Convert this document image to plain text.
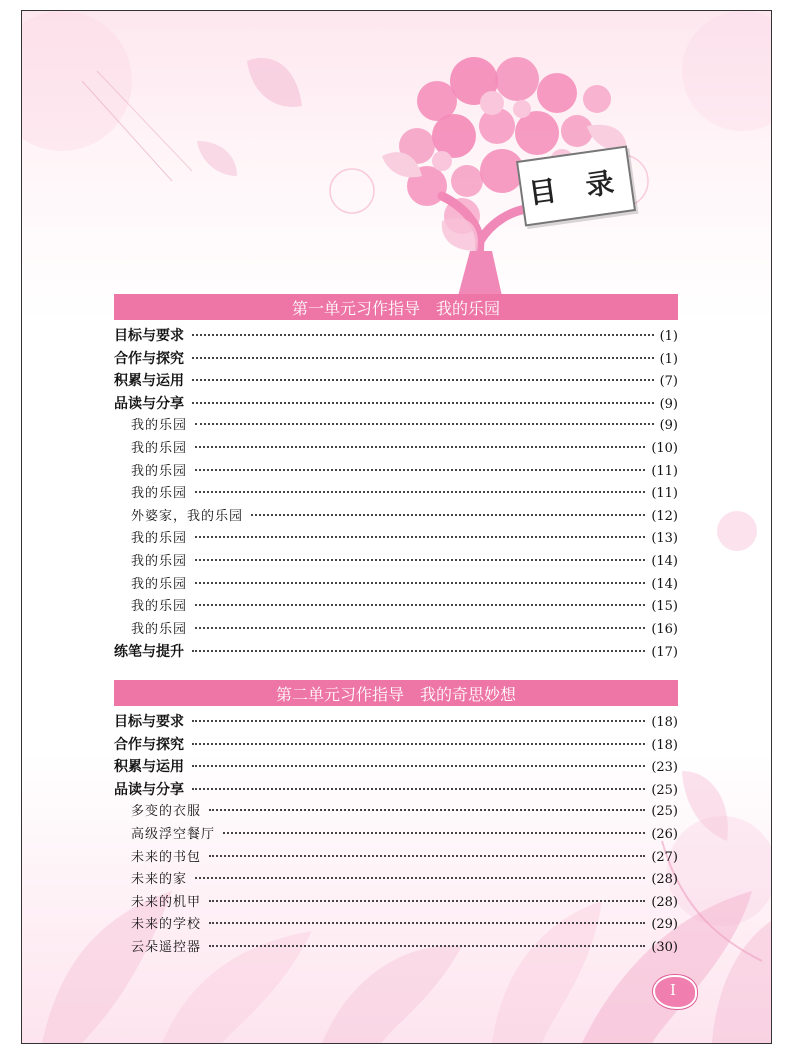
目 录
第一单元习作指导　我的乐园
目标与要求	(1)
合作与探究	(1)
积累与运用	(7)
品读与分享	(9)
我的乐园	(9)
我的乐园	(10)
我的乐园	(11)
我的乐园	(11)
外婆家，我的乐园	(12)
我的乐园	(13)
我的乐园	(14)
我的乐园	(14)
我的乐园	(15)
我的乐园	(16)
练笔与提升	(17)
第二单元习作指导　我的奇思妙想
目标与要求	(18)
合作与探究	(18)
积累与运用	(23)
品读与分享	(25)
多变的衣服	(25)
高级浮空餐厅	(26)
未来的书包	(27)
未来的家	(28)
未来的机甲	(28)
未来的学校	(29)
云朵遥控器	(30)
I
